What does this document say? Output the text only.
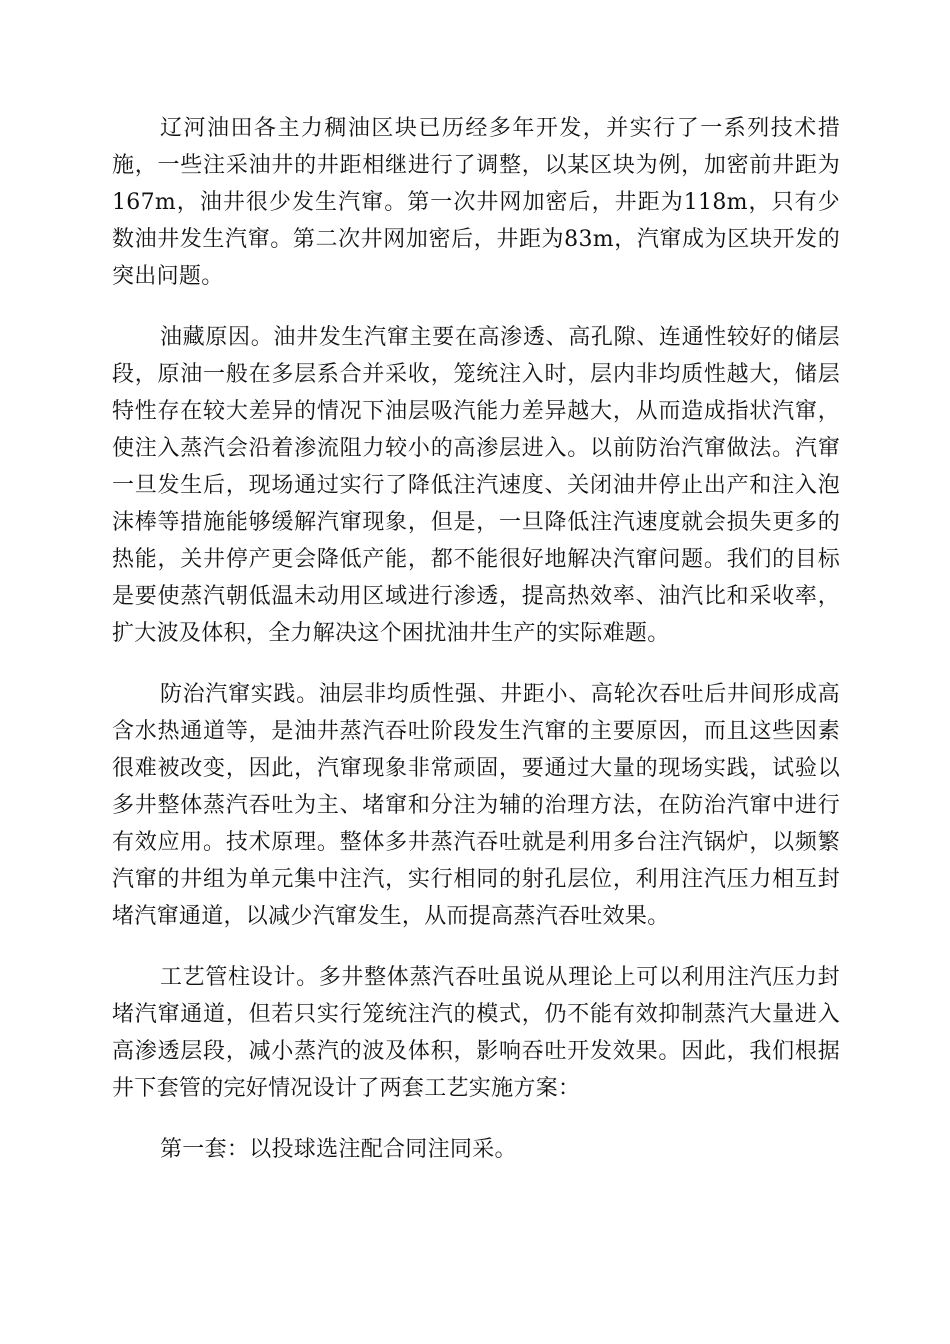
辽河油田各主力稠油区块已历经多年开发，并实行了一系列技术措施，一些注采油井的井距相继进行了调整，以某区块为例，加密前井距为167m，油井很少发生汽窜。第一次井网加密后，井距为118m，只有少数油井发生汽窜。第二次井网加密后，井距为83m，汽窜成为区块开发的突出问题。

油藏原因。油井发生汽窜主要在高渗透、高孔隙、连通性较好的储层段，原油一般在多层系合并采收，笼统注入时，层内非均质性越大，储层特性存在较大差异的情况下油层吸汽能力差异越大，从而造成指状汽窜，使注入蒸汽会沿着渗流阻力较小的高渗层进入。以前防治汽窜做法。汽窜一旦发生后，现场通过实行了降低注汽速度、关闭油井停止出产和注入泡沫棒等措施能够缓解汽窜现象，但是，一旦降低注汽速度就会损失更多的热能，关井停产更会降低产能，都不能很好地解决汽窜问题。我们的目标是要使蒸汽朝低温未动用区域进行渗透，提高热效率、油汽比和采收率，扩大波及体积，全力解决这个困扰油井生产的实际难题。

防治汽窜实践。油层非均质性强、井距小、高轮次吞吐后井间形成高含水热通道等，是油井蒸汽吞吐阶段发生汽窜的主要原因，而且这些因素很难被改变，因此，汽窜现象非常顽固，要通过大量的现场实践，试验以多井整体蒸汽吞吐为主、堵窜和分注为辅的治理方法，在防治汽窜中进行有效应用。技术原理。整体多井蒸汽吞吐就是利用多台注汽锅炉，以频繁汽窜的井组为单元集中注汽，实行相同的射孔层位，利用注汽压力相互封堵汽窜通道，以减少汽窜发生，从而提高蒸汽吞吐效果。

工艺管柱设计。多井整体蒸汽吞吐虽说从理论上可以利用注汽压力封堵汽窜通道，但若只实行笼统注汽的模式，仍不能有效抑制蒸汽大量进入高渗透层段，减小蒸汽的波及体积，影响吞吐开发效果。因此，我们根据井下套管的完好情况设计了两套工艺实施方案：

第一套：以投球选注配合同注同采。
